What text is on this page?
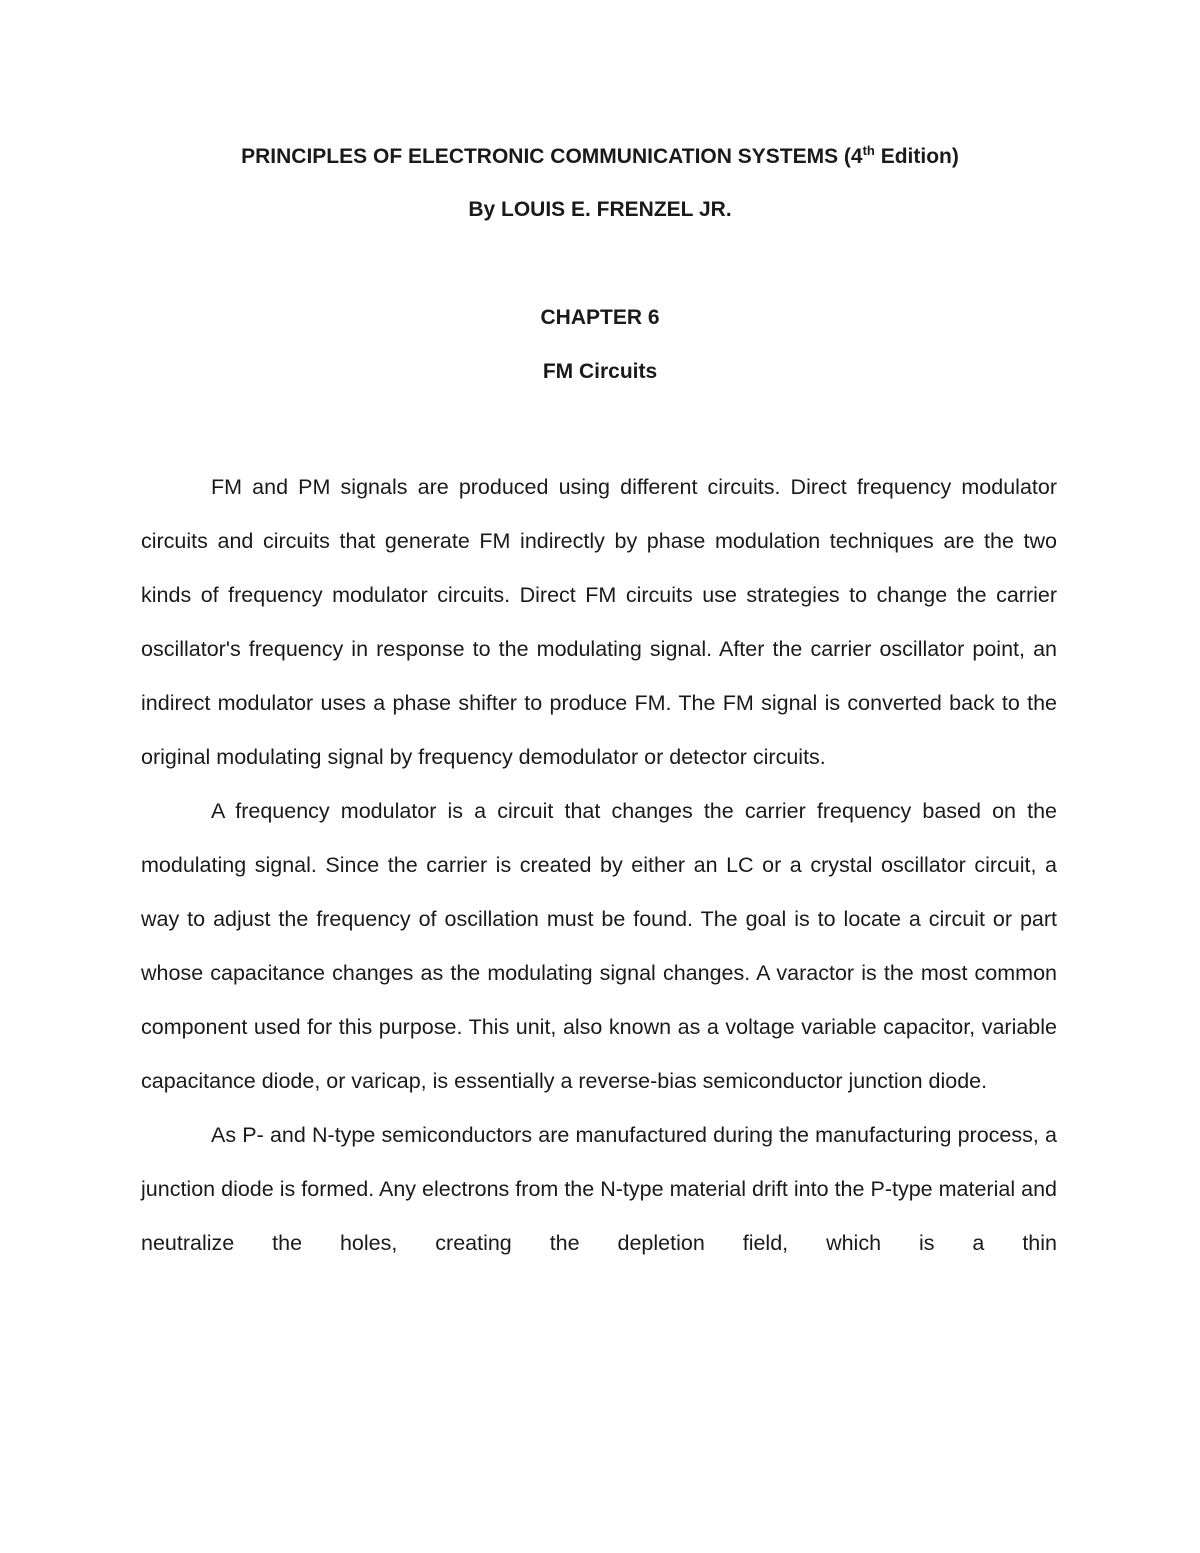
PRINCIPLES OF ELECTRONIC COMMUNICATION SYSTEMS (4th Edition)
By LOUIS E. FRENZEL JR.
CHAPTER 6
FM Circuits

FM and PM signals are produced using different circuits. Direct frequency modulator circuits and circuits that generate FM indirectly by phase modulation techniques are the two kinds of frequency modulator circuits. Direct FM circuits use strategies to change the carrier oscillator's frequency in response to the modulating signal. After the carrier oscillator point, an indirect modulator uses a phase shifter to produce FM. The FM signal is converted back to the original modulating signal by frequency demodulator or detector circuits.

A frequency modulator is a circuit that changes the carrier frequency based on the modulating signal. Since the carrier is created by either an LC or a crystal oscillator circuit, a way to adjust the frequency of oscillation must be found. The goal is to locate a circuit or part whose capacitance changes as the modulating signal changes. A varactor is the most common component used for this purpose. This unit, also known as a voltage variable capacitor, variable capacitance diode, or varicap, is essentially a reverse-bias semiconductor junction diode.

As P- and N-type semiconductors are manufactured during the manufacturing process, a junction diode is formed. Any electrons from the N-type material drift into the P-type material and neutralize the holes, creating the depletion field, which is a thin
